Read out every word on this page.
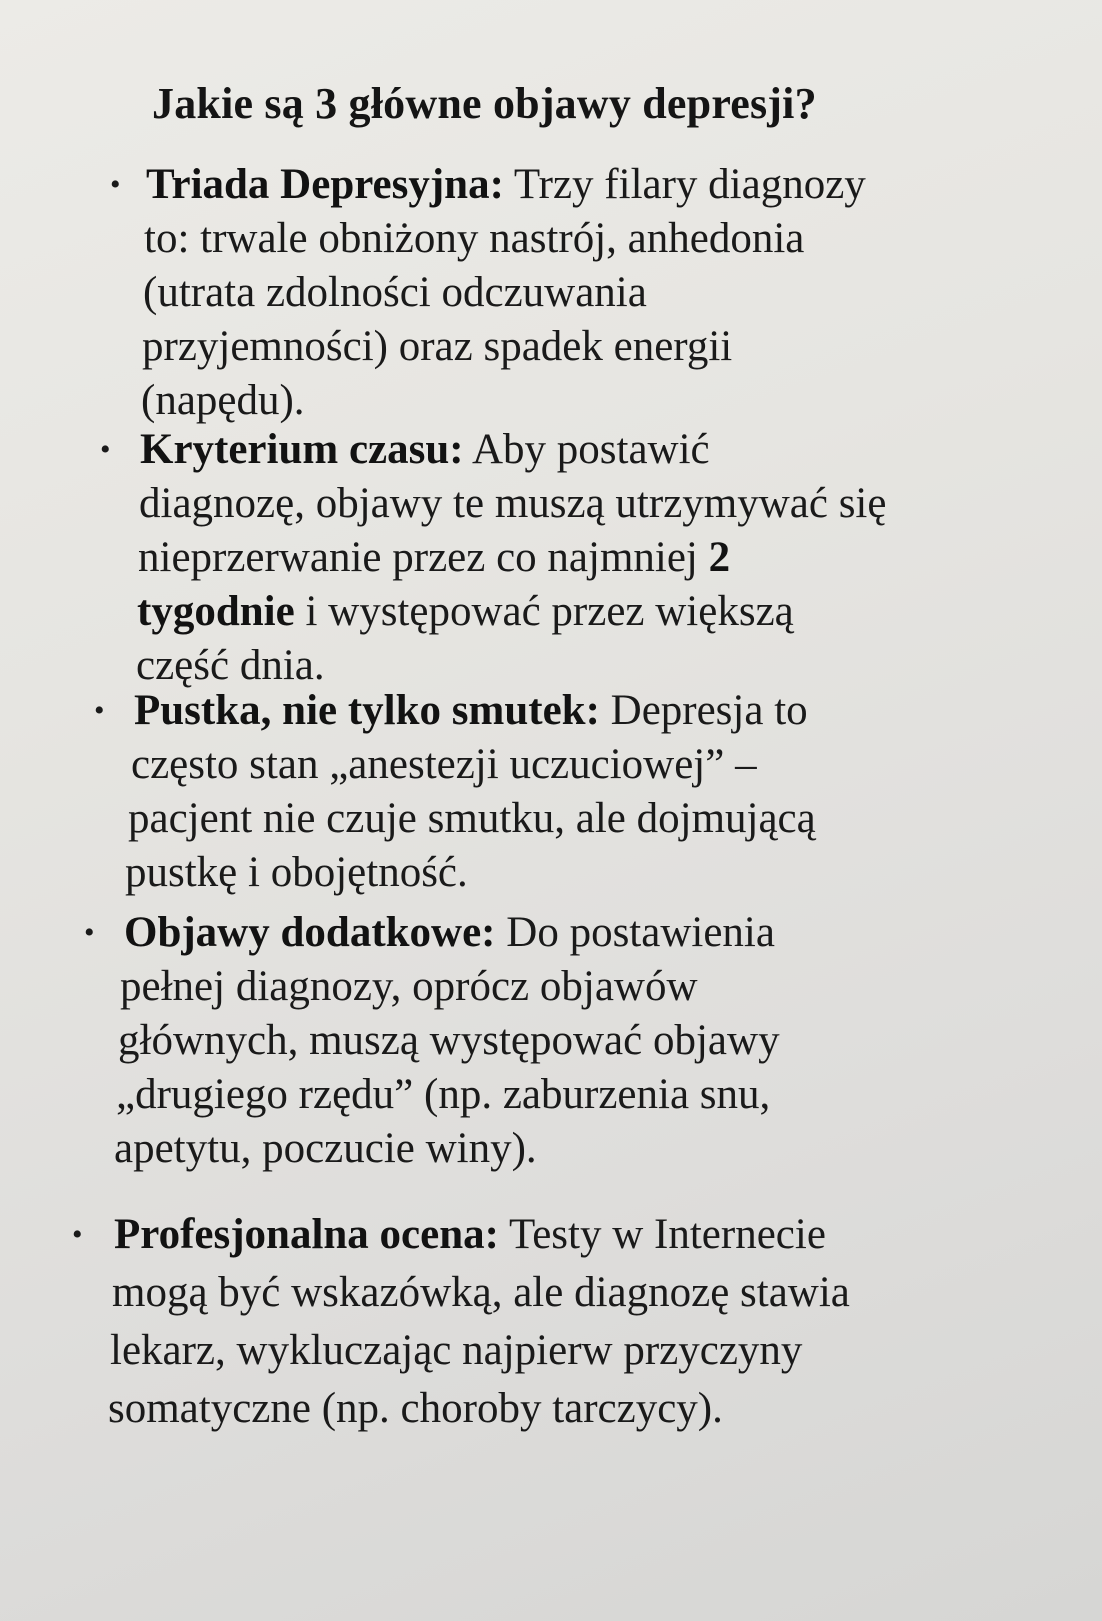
Jakie są 3 główne objawy depresji?
• Triada Depresyjna: Trzy filary diagnozy
to: trwale obniżony nastrój, anhedonia
(utrata zdolności odczuwania
przyjemności) oraz spadek energii
(napędu).
• Kryterium czasu: Aby postawić
diagnozę, objawy te muszą utrzymywać się
nieprzerwanie przez co najmniej 2
tygodnie i występować przez większą
część dnia.
• Pustka, nie tylko smutek: Depresja to
często stan „anestezji uczuciowej” –
pacjent nie czuje smutku, ale dojmującą
pustkę i obojętność.
• Objawy dodatkowe: Do postawienia
pełnej diagnozy, oprócz objawów
głównych, muszą występować objawy
„drugiego rzędu” (np. zaburzenia snu,
apetytu, poczucie winy).
• Profesjonalna ocena: Testy w Internecie
mogą być wskazówką, ale diagnozę stawia
lekarz, wykluczając najpierw przyczyny
somatyczne (np. choroby tarczycy).
